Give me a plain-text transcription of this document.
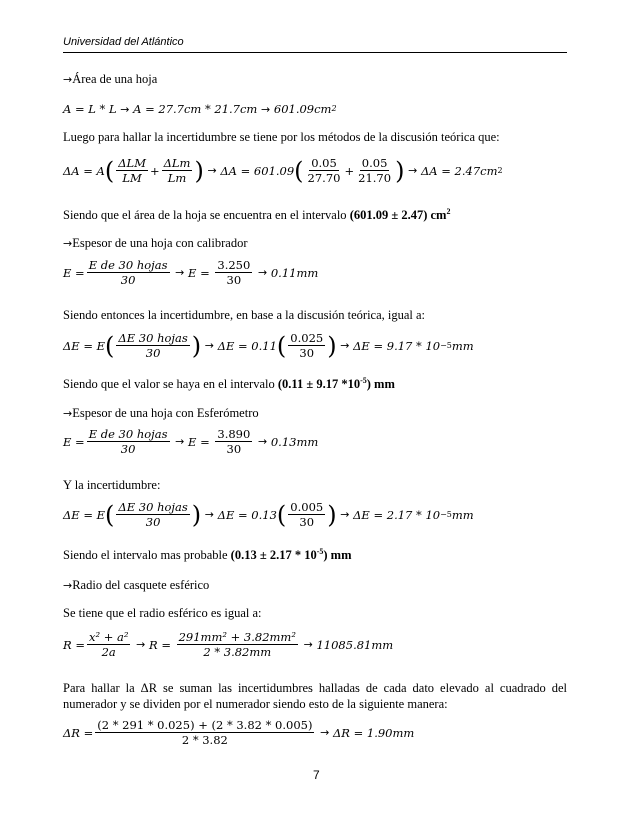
Universidad del Atlántico
→Área de una hoja
A = L * L
→
A = 27.7cm * 21.7cm
→
601.09cm 2
Luego para hallar la incertidumbre se tiene por los métodos de la discusión teórica que:
ΔA = A ( $\frac{\text{ΔLM}}{LM} + \frac{\text{ΔLm}}{Lm}$ )
→
ΔA = 601.09 ( $\frac{0.05}{27.70} + \frac{0.05}{21.70}$ )
→
ΔA = 2.47cm 2
Siendo que el área de la hoja se encuentra en el intervalo (601.09 ± 2.47) $cm^2$
→Espesor de una hoja con calibrador
$E = \frac{\text{E de 30 hojas}}{30}$
→
E =
$\frac{3.250}{30}$
→
0.11mm
Siendo entonces la incertidumbre, en base a la discusión teórica, igual a:
ΔE = E ( $\frac{\text{ΔE 30 hojas}}{30}$ )
→
ΔE = 0.11 ( $\frac{0.025}{30}$ )
→
ΔE = 9.17 * 10 −5 mm
Siendo que el valor se haya en el intervalo (0.11 ± 9.17 $*10^{-5}$) mm
→Espesor de una hoja con Esferómetro
$E = \frac{\text{E de 30 hojas}}{30}$
→
E =
$\frac{3.890}{30}$
→
0.13mm
Y la incertidumbre:
ΔE = E ( $\frac{\text{ΔE 30 hojas}}{30}$ )
→
ΔE = 0.13 ( $\frac{0.005}{30}$ )
→
ΔE = 2.17 * 10 −5 mm
Siendo el intervalo mas probable $(0.13 \pm 2.17 * 10^{-5})$ mm
→Radio del casquete esférico
Se tiene que el radio esférico es igual a:
$R = \frac{\text{x² + a²}}{2a}$
→
R =
$\frac{\text{291mm² + 3.82mm²}}{2 * 3.82mm}$
→
11085.81mm
Para hallar la ΔR se suman las incertidumbres halladas de cada dato elevado al cuadrado del numerador y se dividen por el numerador siendo esto de la siguiente manera:
$\Delta R = \frac{(2 * 291 * 0.025) + (2 * 3.82 * 0.005)}{2 * 3.82}$
→
ΔR = 1.90mm
7
